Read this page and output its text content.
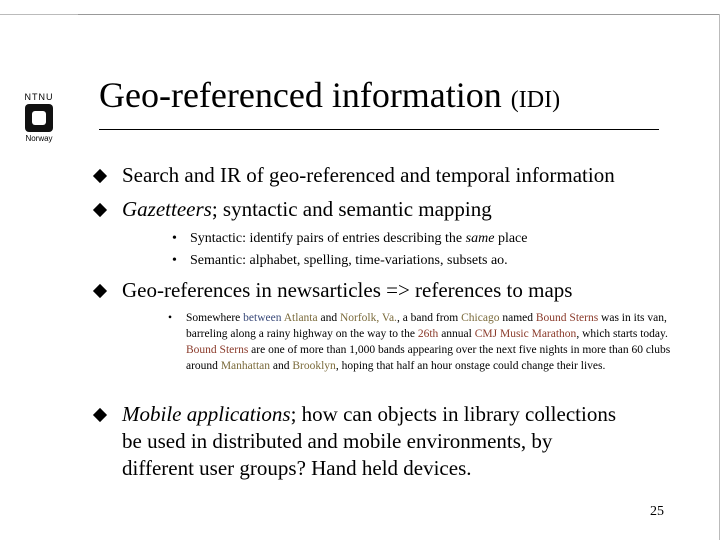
NTNU
Norway
Geo-referenced information (IDI)
Search and IR of geo-referenced and temporal information
Gazetteers; syntactic and semantic mapping
• Syntactic: identify pairs of entries describing the same place
• Semantic: alphabet, spelling, time-variations, subsets ao.
Geo-references in newsarticles => references to maps
• Somewhere between Atlanta and Norfolk, Va., a band from Chicago named Bound Sterns was in its van, barreling along a rainy highway on the way to the 26th annual CMJ Music Marathon, which starts today. Bound Sterns are one of more than 1,000 bands appearing over the next five nights in more than 60 clubs around Manhattan and Brooklyn, hoping that half an hour onstage could change their lives.
Mobile applications; how can objects in library collections
be used in distributed and mobile environments, by
different user groups? Hand held devices.
25
